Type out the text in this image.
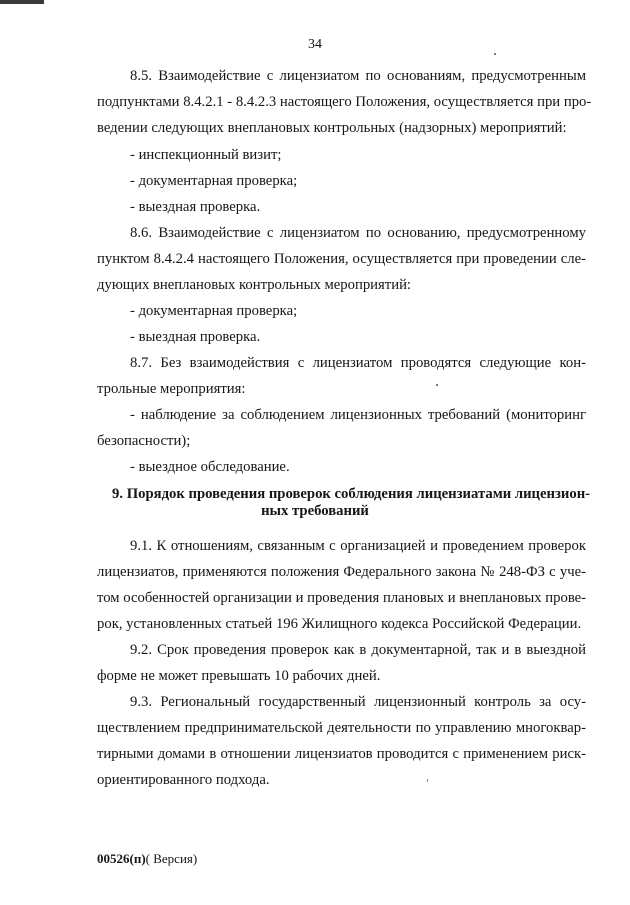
34
8.5. Взаимодействие с лицензиатом по основаниям, предусмотренным
подпунктами 8.4.2.1 - 8.4.2.3 настоящего Положения, осуществляется при про-
ведении следующих внеплановых контрольных (надзорных) мероприятий:
- инспекционный визит;
- документарная проверка;
- выездная проверка.
8.6. Взаимодействие с лицензиатом по основанию, предусмотренному
пунктом 8.4.2.4 настоящего Положения, осуществляется при проведении сле-
дующих внеплановых контрольных мероприятий:
- документарная проверка;
- выездная проверка.
8.7. Без взаимодействия с лицензиатом проводятся следующие кон-
трольные мероприятия:
- наблюдение за соблюдением лицензионных требований (мониторинг
безопасности);
- выездное обследование.
9. Порядок проведения проверок соблюдения лицензиатами лицензион-
ных требований
9.1. К отношениям, связанным с организацией и проведением проверок
лицензиатов, применяются положения Федерального закона № 248-ФЗ с уче-
том особенностей организации и проведения плановых и внеплановых прове-
рок, установленных статьей 196 Жилищного кодекса Российской Федерации.
9.2. Срок проведения проверок как в документарной, так и в выездной
форме не может превышать 10 рабочих дней.
9.3. Региональный государственный лицензионный контроль за осу-
ществлением предпринимательской деятельности по управлению многоквар-
тирными домами в отношении лицензиатов проводится с применением риск-
ориентированного подхода.
00526(п)( Версия)
